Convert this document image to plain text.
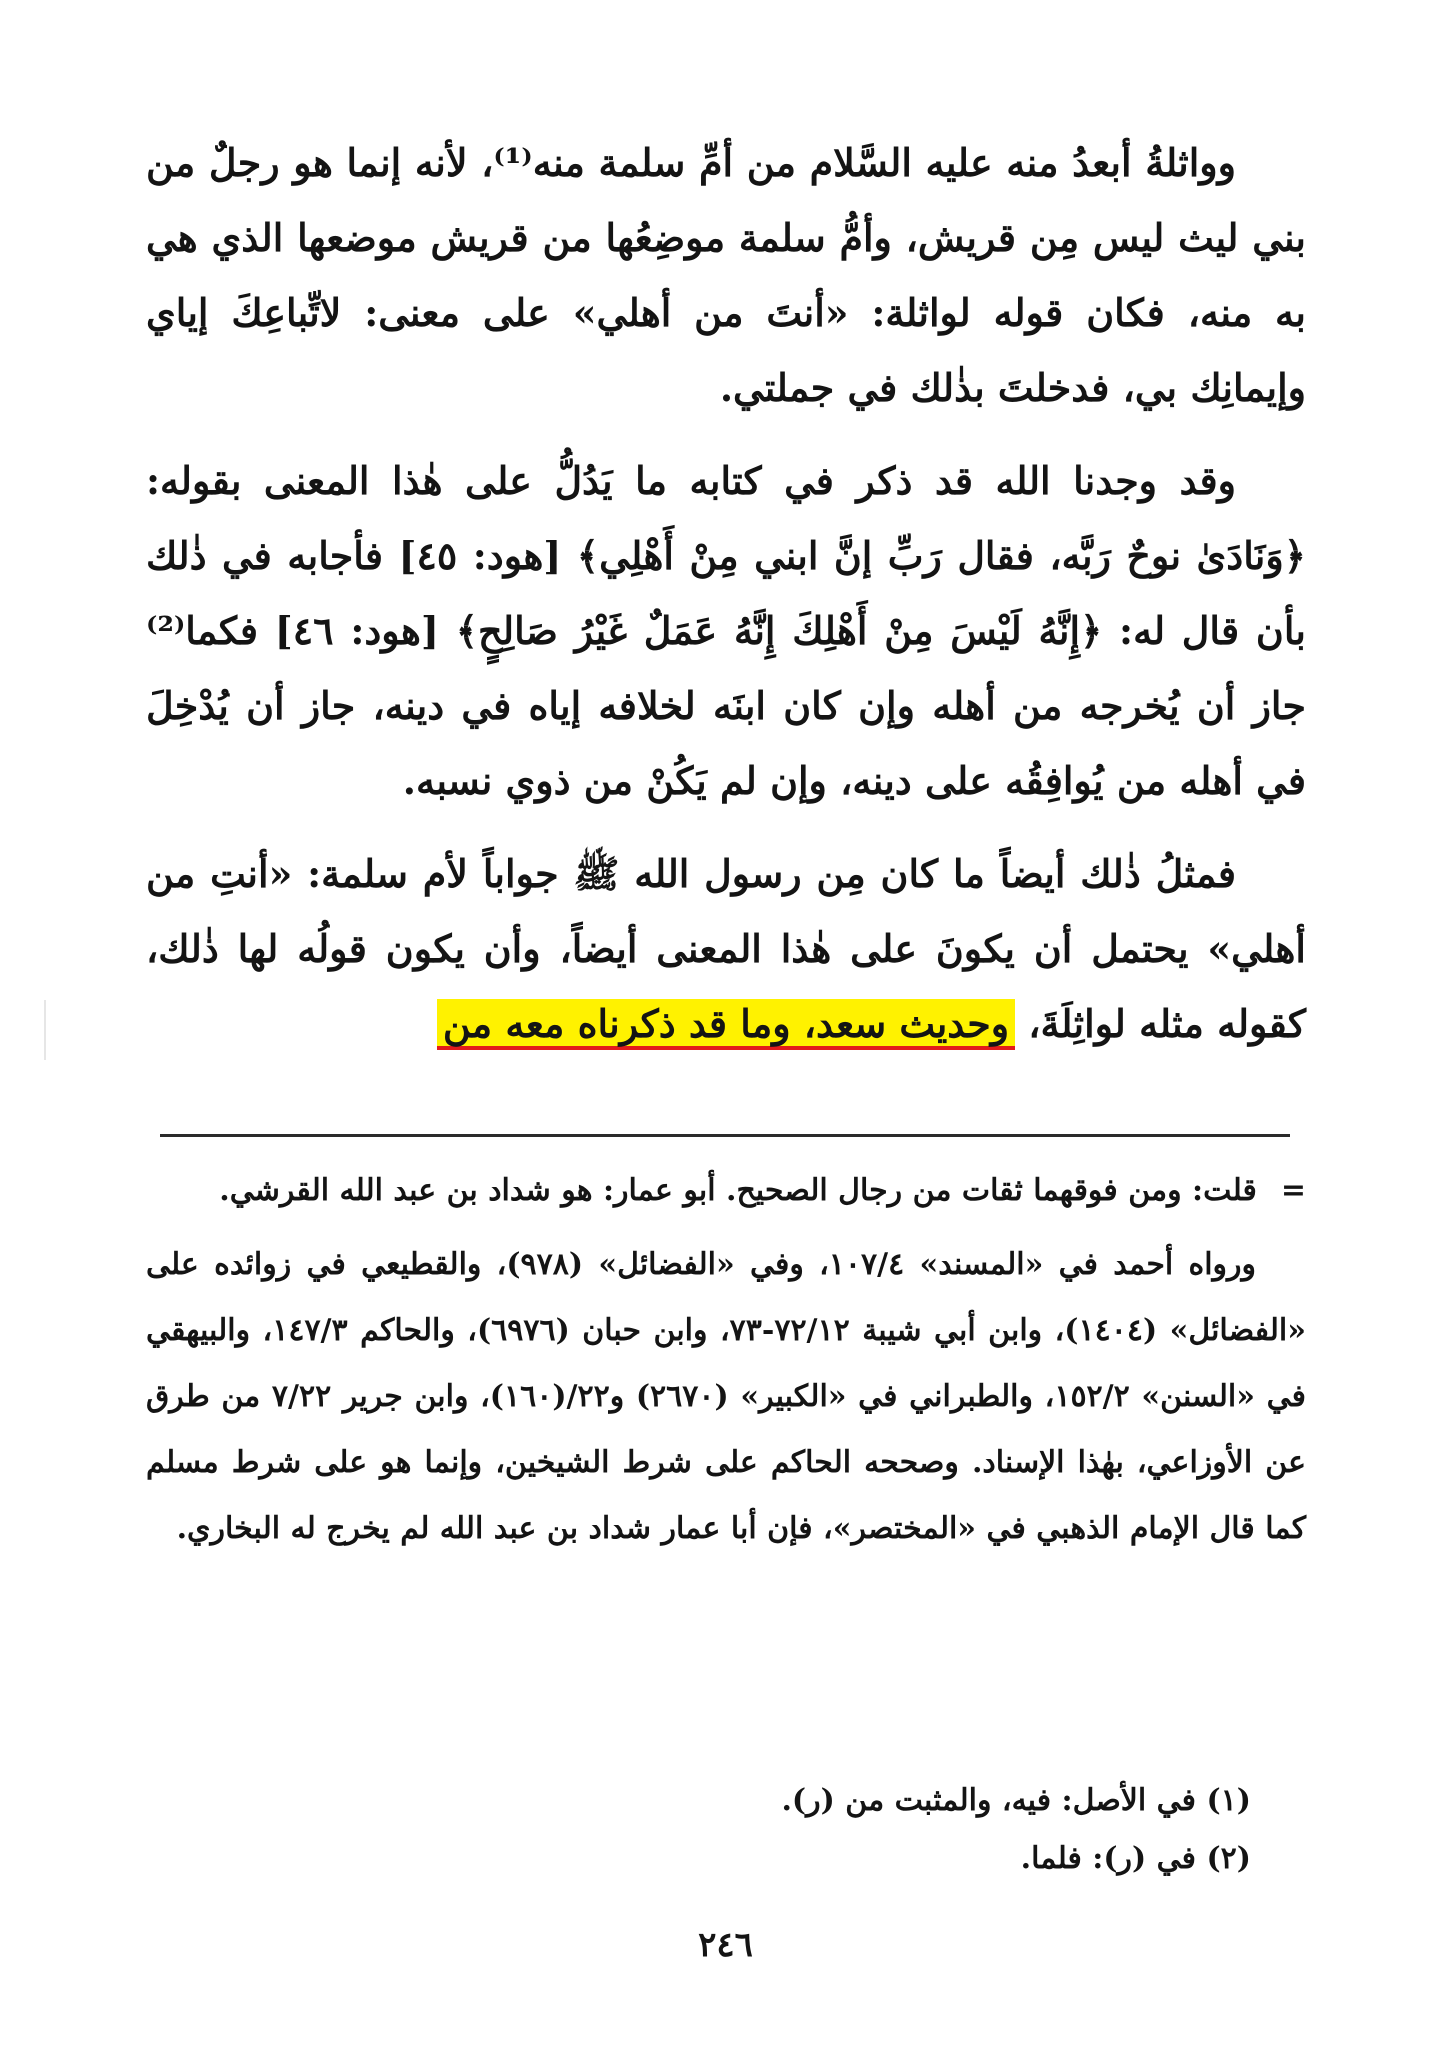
وواثلةُ أبعدُ منه عليه السَّلام من أمِّ سلمة منه⁽¹⁾، لأنه إنما هو رجلٌ من بني ليث ليس مِن قريش، وأمُّ سلمة موضِعُها من قريش موضعها الذي هي به منه، فكان قوله لواثلة: «أنتَ من أهلي» على معنى: لاتِّباعِكَ إياي وإيمانِك بي، فدخلتَ بذٰلك في جملتي.

وقد وجدنا الله قد ذكر في كتابه ما يَدُلُّ على هٰذا المعنى بقوله: ﴿وَنَادَىٰ نوحٌ رَبَّه، فقال رَبِّ إنَّ ابني مِنْ أَهْلِي﴾ [هود: ٤٥] فأجابه في ذٰلك بأن قال له: ﴿إِنَّهُ لَيْسَ مِنْ أَهْلِكَ إِنَّهُ عَمَلٌ غَيْرُ صَالِحٍ﴾ [هود: ٤٦] فكما⁽²⁾ جاز أن يُخرجه من أهله وإن كان ابنَه لخلافه إياه في دينه، جاز أن يُدْخِلَ في أهله من يُوافِقُه على دينه، وإن لم يَكُنْ من ذوي نسبه.

فمثلُ ذٰلك أيضاً ما كان مِن رسول الله ﷺ جواباً لأم سلمة: «أنتِ من أهلي» يحتمل أن يكونَ على هٰذا المعنى أيضاً، وأن يكون قولُه لها ذٰلك، كقوله مثله لواثِلَةَ، وحديث سعد، وما قد ذكرناه معه من

= قلت: ومن فوقهما ثقات من رجال الصحيح. أبو عمار: هو شداد بن عبد الله القرشي.

ورواه أحمد في «المسند» ١٠٧/٤، وفي «الفضائل» (٩٧٨)، والقطيعي في زوائده على «الفضائل» (١٤٠٤)، وابن أبي شيبة ٧٢/١٢-٧٣، وابن حبان (٦٩٧٦)، والحاكم ١٤٧/٣، والبيهقي في «السنن» ١٥٢/٢، والطبراني في «الكبير» (٢٦٧٠) و٢٢/(١٦٠)، وابن جرير ٧/٢٢ من طرق عن الأوزاعي، بهٰذا الإسناد. وصححه الحاكم على شرط الشيخين، وإنما هو على شرط مسلم كما قال الإمام الذهبي في «المختصر»، فإن أبا عمار شداد بن عبد الله لم يخرج له البخاري.

(١) في الأصل: فيه، والمثبت من (ر).

(٢) في (ر): فلما.

٢٤٦
